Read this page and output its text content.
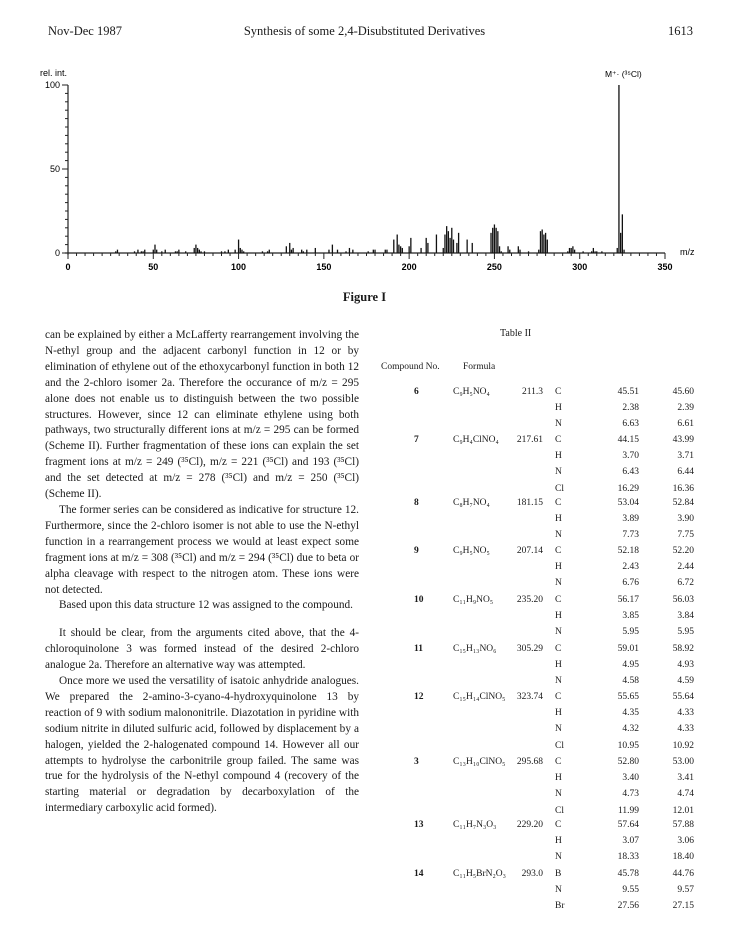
Nov-Dec 1987	Synthesis of some 2,4-Disubstituted Derivatives	1613
0
50
100
0	50	100	150	200	250	300	350
rel. int.
m/z
M⁺· (³⁵Cl)
Figure I

can be explained by either a McLafferty rearrangement involving the N-ethyl group and the adjacent carbonyl function in 12 or by elimination of ethylene out of the ethoxycarbonyl function in both 12 and the 2-chloro isomer 2a. Therefore the occurance of m/z = 295 alone does not enable us to distinguish between the two possible structures. However, since 12 can eliminate ethylene using both pathways, two structurally different ions at m/z = 295 can be formed (Scheme II). Further fragmentation of these ions can explain the set fragment ions at m/z = 249 (³⁵Cl), m/z = 221 (³⁵Cl) and 193 (³⁵Cl) and the set detected at m/z = 278 (³⁵Cl) and m/z = 250 (³⁵Cl) (Scheme II).

The former series can be considered as indicative for structure 12. Furthermore, since the 2-chloro isomer is not able to use the N-ethyl function in a rearrangement process we would at least expect some fragment ions at m/z = 308 (³⁵Cl) and m/z = 294 (³⁵Cl) due to beta or alpha cleavage with respect to the nitrogen atom. These ions were not detected.

Based upon this data structure 12 was assigned to the compound.

It should be clear, from the arguments cited above, that the 4-chloroquinolone 3 was formed instead of the desired 2-chloro analogue 2a. Therefore an alternative way was attempted.

Once more we used the versatility of isatoic anhydride analogues. We prepared the 2-amino-3-cyano-4-hydroxyquinolone 13 by reaction of 9 with sodium malononitrile. Diazotation in pyridine with sodium nitrite in diluted sulfuric acid, followed by displacement by a halogen, yielded the 2-halogenated compound 14. However all our attempts to hydrolyse the carbonitrile group failed. The same was true for the hydrolysis of the N-ethyl compound 4 (recovery of the starting material or degradation by decarboxylation of the intermediary carboxylic acid formed).

Table II
Compound No. Formula
6	C₉H₅NO₄	211.3 C	45.51	45.60
H	2.38	2.39
N	6.63	6.61
7	C₉H₄ClNO₄	217.61 C	44.15	43.99
H	3.70	3.71
N	6.43	6.44
Cl	16.29	16.36
8	C₈H₇NO₄	181.15 C	53.04	52.84
H	3.89	3.90
N	7.73	7.75
9	C₉H₅NO₅	207.14 C	52.18	52.20
H	2.43	2.44
N	6.76	6.72
10	C₁₁H₉NO₅	235.20 C	56.17	56.03
H	3.85	3.84
N	5.95	5.95
11	C₁₅H₁₃NO₆	305.29 C	59.01	58.92
H	4.95	4.93
N	4.58	4.59
12	C₁₅H₁₄ClNO₅	323.74 C	55.65	55.64
H	4.35	4.33
N	4.32	4.33
Cl	10.95	10.92
3	C₁₃H₁₀ClNO₅	295.68 C	52.80	53.00
H	3.40	3.41
N	4.73	4.74
Cl	11.99	12.01
13	C₁₁H₇N₃O₃	229.20 C	57.64	57.88
H	3.07	3.06
N	18.33	18.40
14	C₁₁H₅BrN₂O₃	293.0 B	45.78	44.76
N	9.55	9.57
Br	27.56	27.15
